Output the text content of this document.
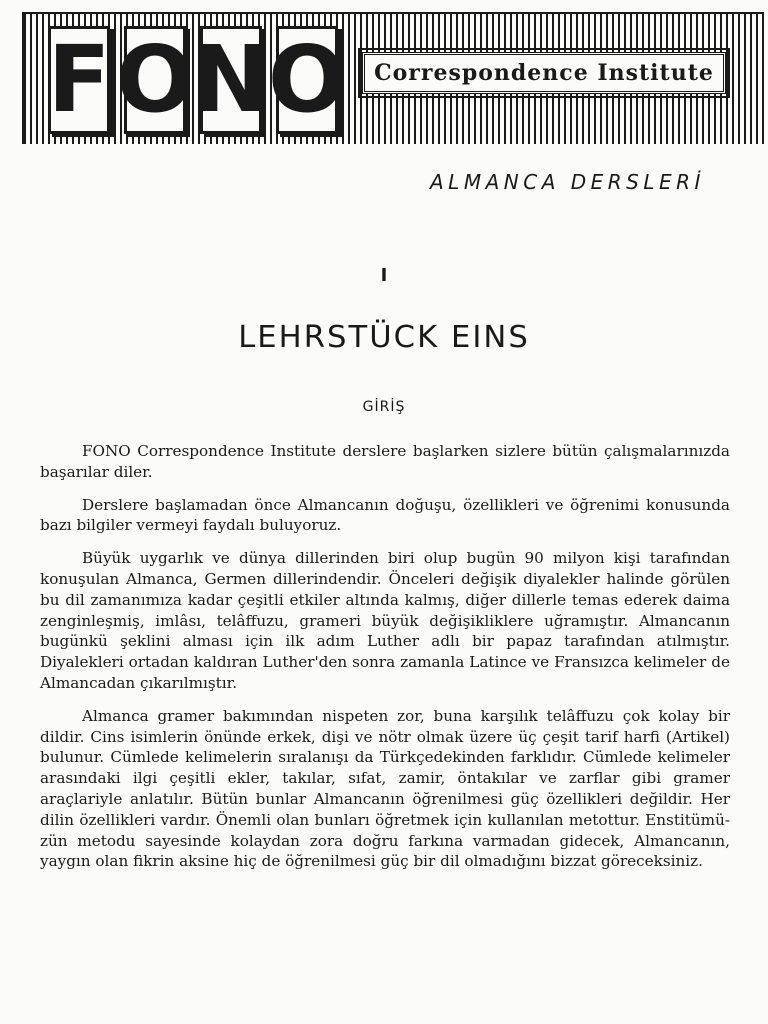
F O
N
O	Correspondence Institute
ALMANCA DERSLERİ
I
LEHRSTÜCK EINS
GİRİŞ

FONO Correspondence Institute derslere başlarken sizlere bütün çalışmalarınızda başarılar diler.

Derslere başlamadan önce Almancanın doğuşu, özellikleri ve öğrenimi konusunda bazı bilgiler vermeyi faydalı buluyoruz.

Büyük uygarlık ve dünya dillerinden biri olup bugün 90 milyon kişi tarafından konuşulan Almanca, Germen dillerindendir. Önceleri değişik diyalekler halinde görülen bu dil zamanımıza kadar çeşitli etkiler altında kalmış, diğer dillerle temas ederek daima zenginleşmiş, imlâsı, telâffuzu, grameri büyük değişikliklere uğramıştır. Almancanın bugünkü şeklini alması için ilk adım Luther adlı bir papaz tarafından atılmıştır. Diyalekleri ortadan kaldıran Luther'den sonra zamanla Latince ve Fransızca kelimeler de Almancadan çıkarılmıştır.

Almanca gramer bakımından nispeten zor, buna karşılık telâffuzu çok kolay bir dildir. Cins isimlerin önünde erkek, dişi ve nötr olmak üzere üç çeşit tarif harfi (Artikel) bulunur. Cümlede kelimelerin sıralanışı da Türkçedekinden farklıdır. Cümlede kelimeler arasındaki ilgi çeşitli ekler, takılar, sıfat, zamir, öntakılar ve zarflar gibi gramer araçlariyle anlatılır. Bütün bunlar Almancanın öğrenilmesi güç özellikleri değildir. Her dilin özellikleri vardır. Önemli olan bunları öğretmek için kullanılan metottur. Enstitümüzün metodu sayesinde kolaydan zora doğru farkına varmadan gidecek, Almancanın, yaygın olan fikrin aksine hiç de öğrenilmesi güç bir dil olmadığını bizzat göreceksiniz.
